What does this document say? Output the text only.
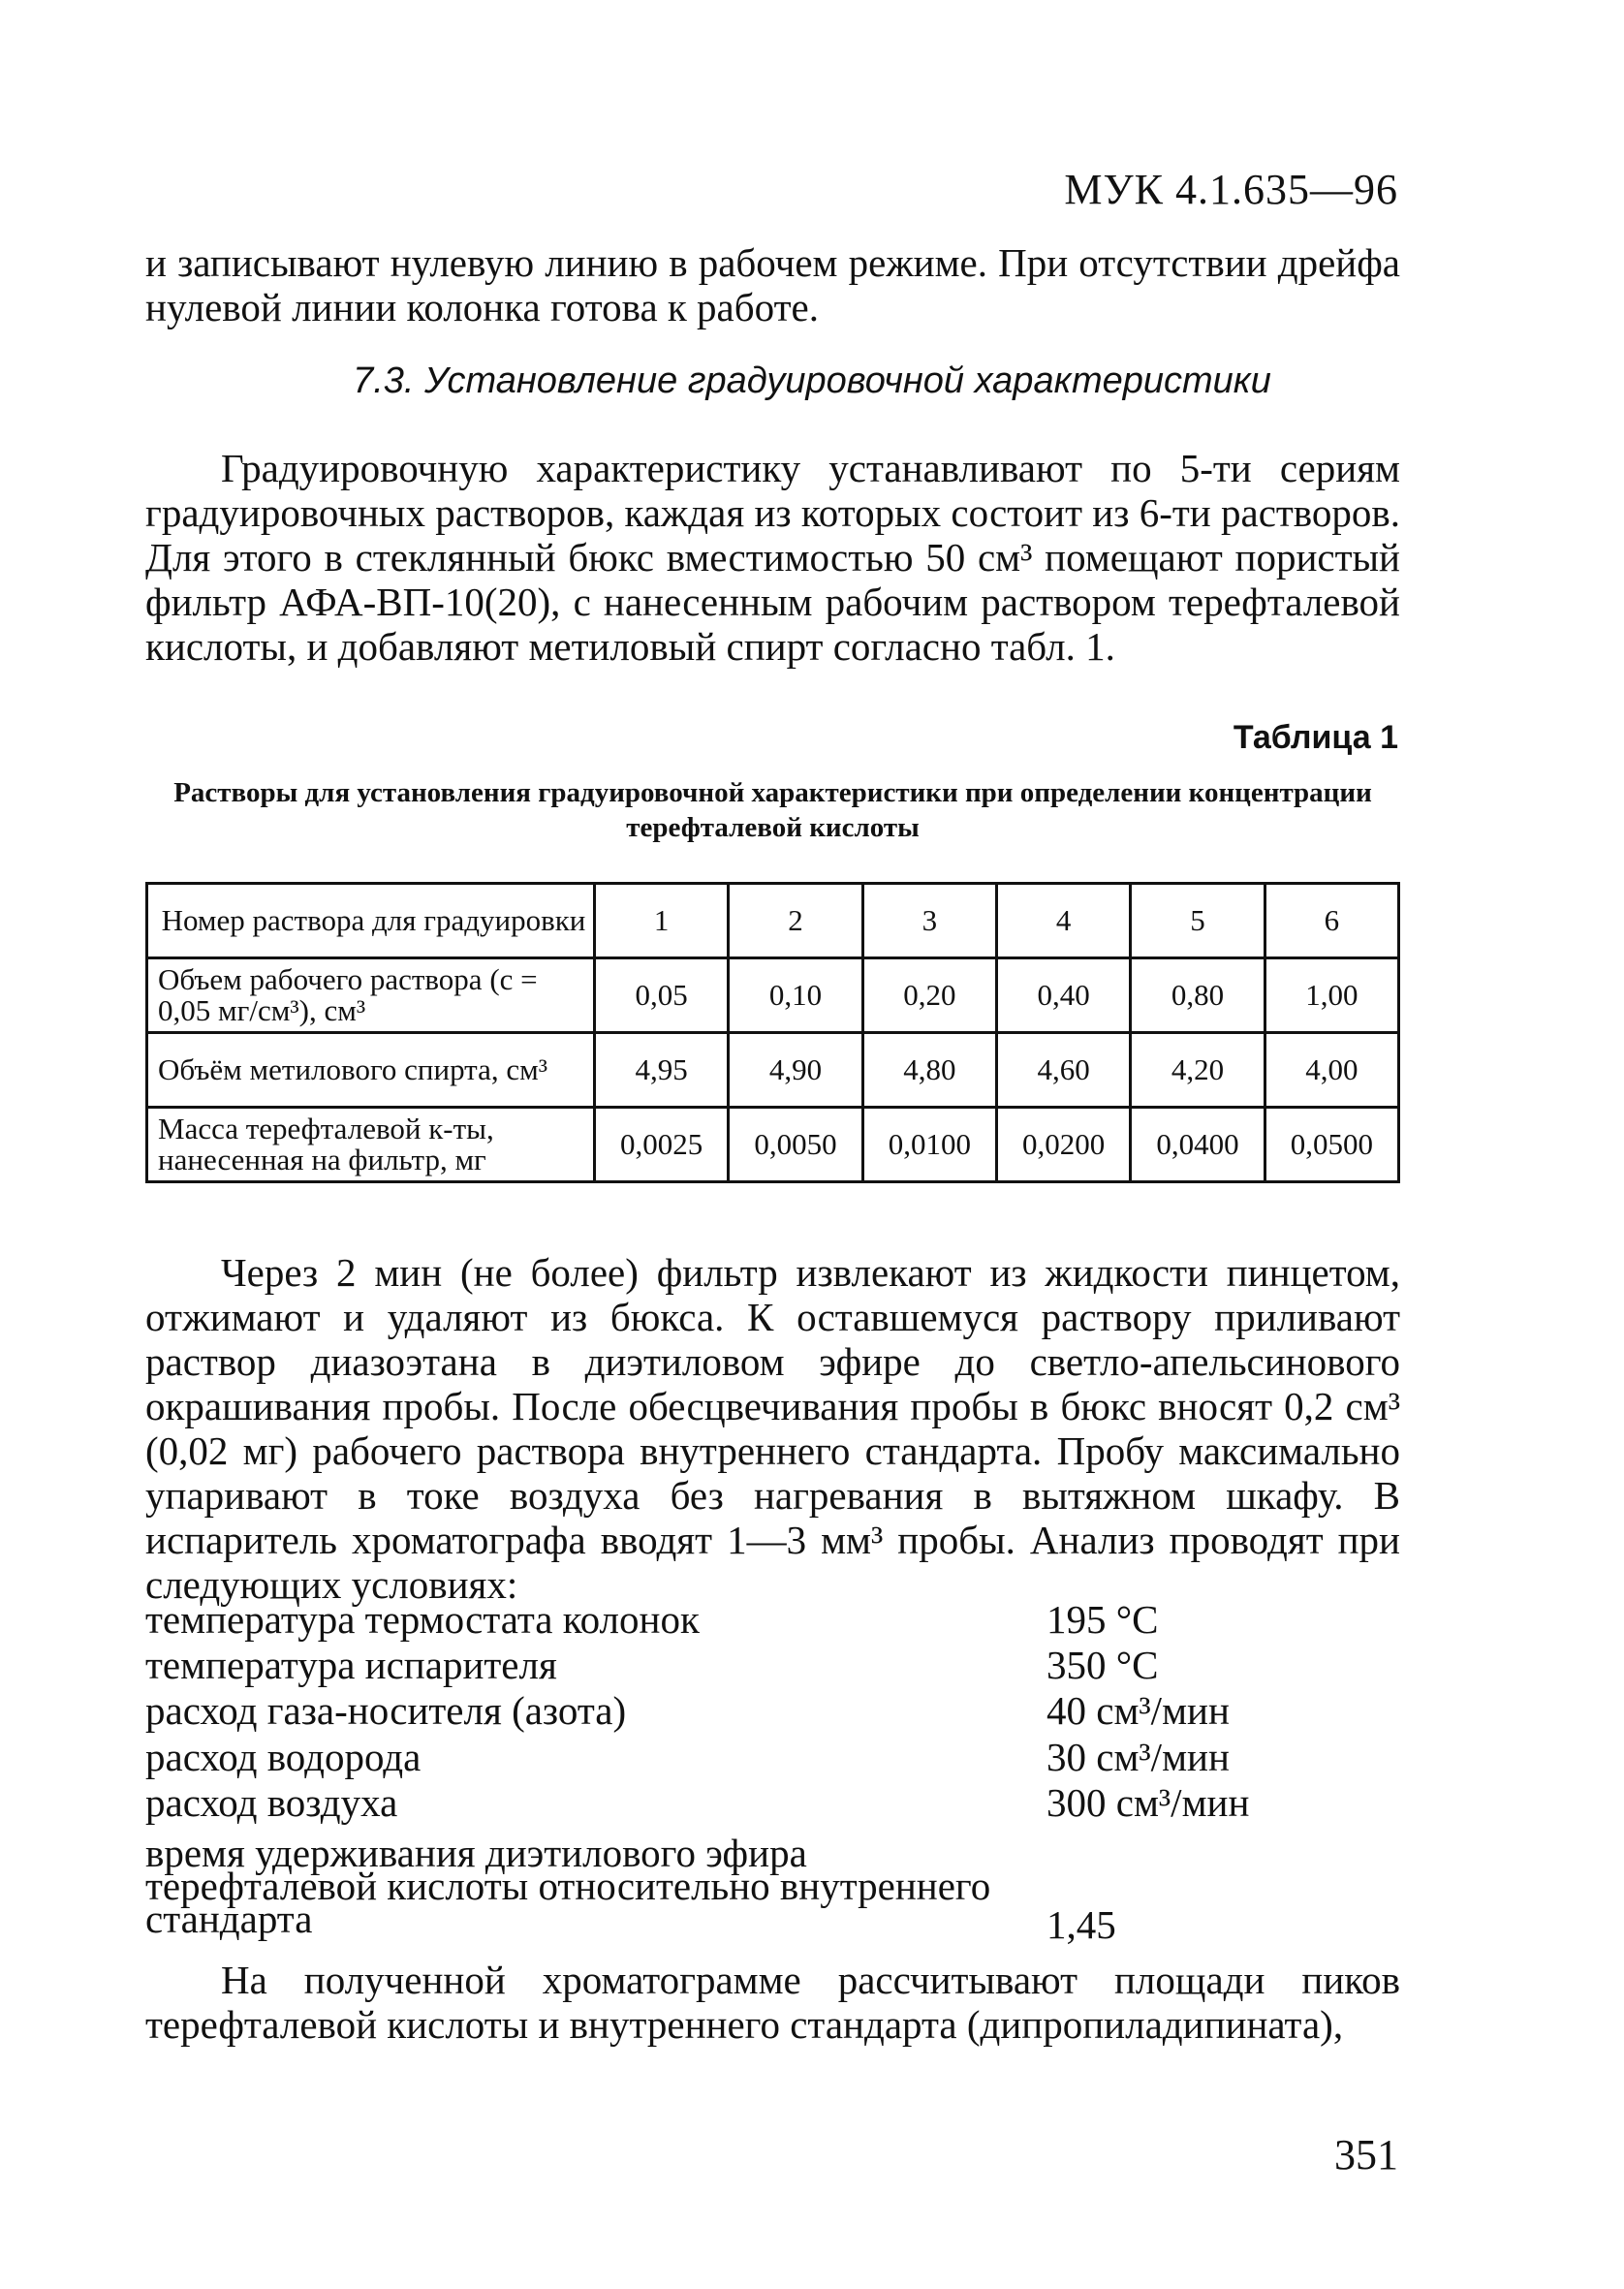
МУК 4.1.635—96
и записывают нулевую линию в рабочем режиме. При отсутствии дрейфа нулевой линии колонка готова к работе.
7.3. Установление градуировочной характеристики
Градуировочную характеристику устанавливают по 5-ти сериям градуировочных растворов, каждая из которых состоит из 6-ти растворов. Для этого в стеклянный бюкс вместимостью 50 см³ помещают пористый фильтр АФА-ВП-10(20), с нанесенным рабочим раствором терефталевой кислоты, и добавляют метиловый спирт согласно табл. 1.
Таблица 1
Растворы для установления градуировочной характеристики при определении концентрации терефталевой кислоты
Номер раствора для градуировки	1	2	3	4	5	6
Объем рабочего раствора (с = 0,05 мг/см³), см³	0,05	0,10	0,20	0,40	0,80	1,00
Объём метилового спирта, см³	4,95	4,90	4,80	4,60	4,20	4,00
Масса терефталевой к-ты, нанесенная на фильтр, мг	0,0025	0,0050	0,0100	0,0200	0,0400	0,0500
Через 2 мин (не более) фильтр извлекают из жидкости пинцетом, отжимают и удаляют из бюкса. К оставшемуся раствору приливают раствор диазоэтана в диэтиловом эфире до светло-апельсинового окрашивания пробы. После обесцвечивания пробы в бюкс вносят 0,2 см³ (0,02 мг) рабочего раствора внутреннего стандарта. Пробу максимально упаривают в токе воздуха без нагревания в вытяжном шкафу. В испаритель хроматографа вводят 1—3 мм³ пробы. Анализ проводят при следующих условиях:
температура термостата колонок	195 °С
температура испарителя	350 °С
расход газа-носителя (азота)	40 см³/мин
расход водорода	30 см³/мин
расход воздуха	300 см³/мин
время удерживания диэтилового эфира терефталевой кислоты относительно внутреннего стандарта	1,45
На полученной хроматограмме рассчитывают площади пиков терефталевой кислоты и внутреннего стандарта (дипропиладипината),
351
